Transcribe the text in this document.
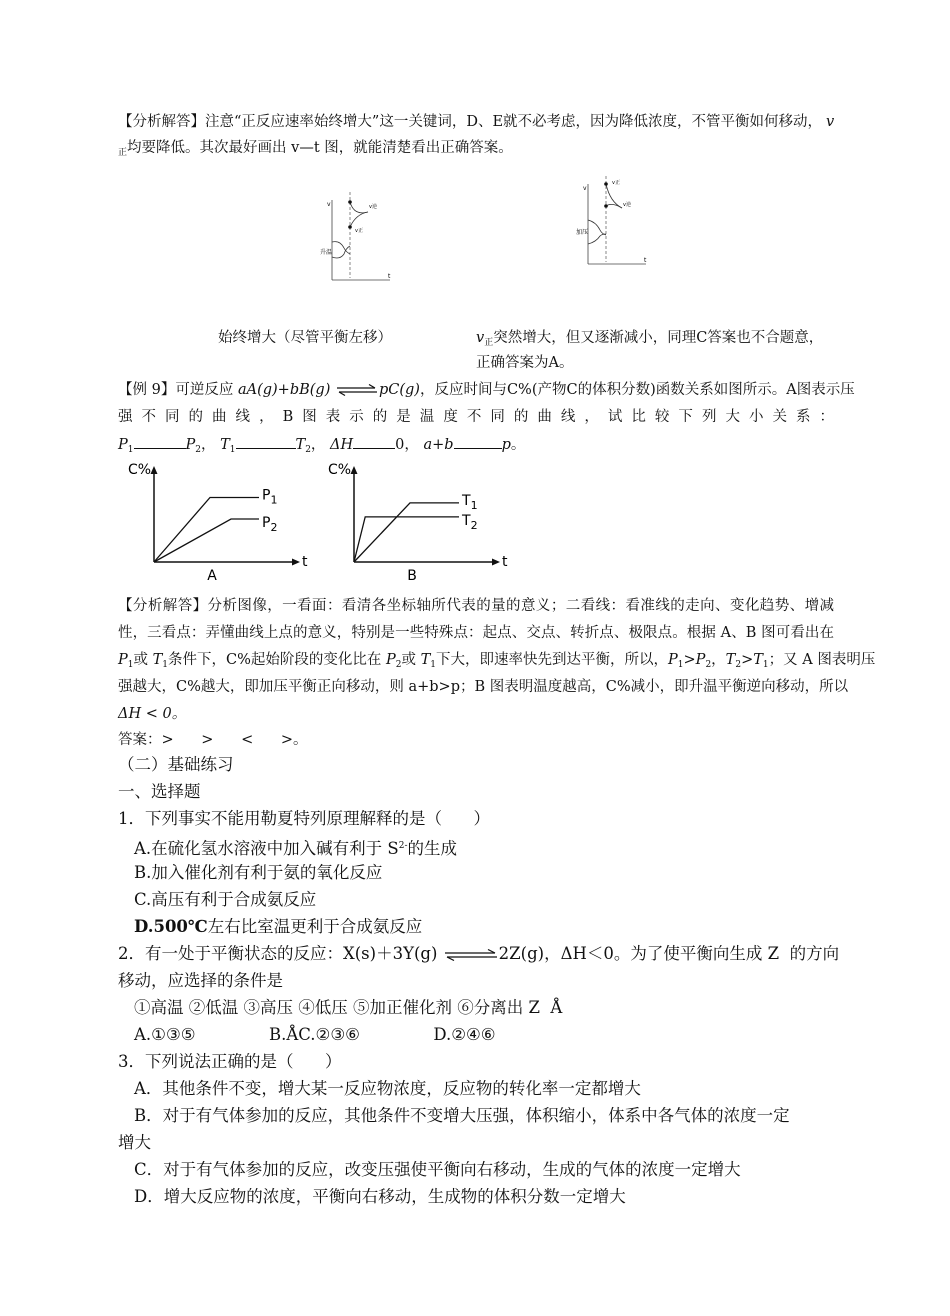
【分析解答】注意“正反应速率始终增大”这一关键词，D、E就不必考虑，因为降低浓度，不管平衡如何移动， v
$_正$均要降低。其次最好画出 v—t 图，就能清楚看出正确答案。
v
t
升温
v逆
v正
v
t
加压
v正
v逆
始终增大（尽管平衡左移）	$v_正$突然增大，但又逐渐减小，同理C答案也不合题意，
正确答案为A。
【例 9】可逆反应 aA(g)+bB(g) ⇌pC(g)，反应时间与C%(产物C的体积分数)函数关系如图所示。A图表示压
强不同的曲线，B图表示的是温度不同的曲线，试比较下列大小关系：
$P_1$	$P_2$， $T_1$	$T_2$， ΔH	0， a+b	p。
C%
t
A
$P_1$
$P_2$
C%
t
B
$T_1$
$T_2$
【分析解答】分析图像，一看面：看清各坐标轴所代表的量的意义；二看线：看准线的走向、变化趋势、增减
性，三看点：弄懂曲线上点的意义，特别是一些特殊点：起点、交点、转折点、极限点。根据 A、B 图可看出在
$P_1$或 $T_1$条件下，C%起始阶段的变化比在 $P_2$或 $T_1$下大，即速率快先到达平衡，所以，$P_1>P_2$，$T_2>T_1$；又 A 图表明压
强越大，C%越大，即加压平衡正向移动，则 a+b>p；B 图表明温度越高，C%减小，即升温平衡逆向移动，所以
ΔH < 0。
答案：>      >      <      >。
（二）基础练习
一、选择题
1．下列事实不能用勒夏特列原理解释的是（      ）
A.在硫化氢水溶液中加入碱有利于 $S^{2-}$的生成
B.加入催化剂有利于氨的氧化反应
C.高压有利于合成氨反应
D.500℃左右比室温更利于合成氨反应
2．有一处于平衡状态的反应：X(s)＋3Y(g) ⇌2Z(g)，ΔH＜0。为了使平衡向生成 Z  的方向
移动，应选择的条件是
①高温 ②低温 ③高压 ④低压 ⑤加正催化剂 ⑥分离出 Z  Å
A.①③⑤              B.ÅC.②③⑥              D.②④⑥
3．下列说法正确的是（      ）
A．其他条件不变，增大某一反应物浓度，反应物的转化率一定都增大
B．对于有气体参加的反应，其他条件不变增大压强，体积缩小，体系中各气体的浓度一定
增大
C．对于有气体参加的反应，改变压强使平衡向右移动，生成的气体的浓度一定增大
D．增大反应物的浓度，平衡向右移动，生成物的体积分数一定增大
